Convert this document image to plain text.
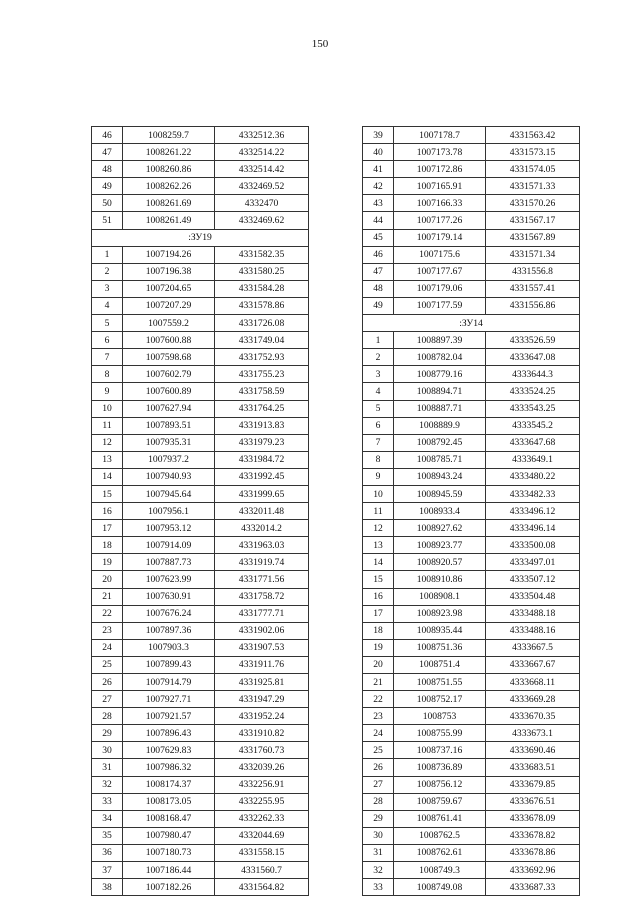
150
46	1008259.7	4332512.36
47	1008261.22	4332514.22
48	1008260.86	4332514.42
49	1008262.26	4332469.52
50	1008261.69	4332470
51	1008261.49	4332469.62
:ЗУ19		
1	1007194.26	4331582.35
2	1007196.38	4331580.25
3	1007204.65	4331584.28
4	1007207.29	4331578.86
5	1007559.2	4331726.08
6	1007600.88	4331749.04
7	1007598.68	4331752.93
8	1007602.79	4331755.23
9	1007600.89	4331758.59
10	1007627.94	4331764.25
11	1007893.51	4331913.83
12	1007935.31	4331979.23
13	1007937.2	4331984.72
14	1007940.93	4331992.45
15	1007945.64	4331999.65
16	1007956.1	4332011.48
17	1007953.12	4332014.2
18	1007914.09	4331963.03
19	1007887.73	4331919.74
20	1007623.99	4331771.56
21	1007630.91	4331758.72
22	1007676.24	4331777.71
23	1007897.36	4331902.06
24	1007903.3	4331907.53
25	1007899.43	4331911.76
26	1007914.79	4331925.81
27	1007927.71	4331947.29
28	1007921.57	4331952.24
29	1007896.43	4331910.82
30	1007629.83	4331760.73
31	1007986.32	4332039.26
32	1008174.37	4332256.91
33	1008173.05	4332255.95
34	1008168.47	4332262.33
35	1007980.47	4332044.69
36	1007180.73	4331558.15
37	1007186.44	4331560.7
38	1007182.26	4331564.82
39	1007178.7	4331563.42
40	1007173.78	4331573.15
41	1007172.86	4331574.05
42	1007165.91	4331571.33
43	1007166.33	4331570.26
44	1007177.26	4331567.17
45	1007179.14	4331567.89
46	1007175.6	4331571.34
47	1007177.67	4331556.8
48	1007179.06	4331557.41
49	1007177.59	4331556.86
:ЗУ14		
1	1008897.39	4333526.59
2	1008782.04	4333647.08
3	1008779.16	4333644.3
4	1008894.71	4333524.25
5	1008887.71	4333543.25
6	1008889.9	4333545.2
7	1008792.45	4333647.68
8	1008785.71	4333649.1
9	1008943.24	4333480.22
10	1008945.59	4333482.33
11	1008933.4	4333496.12
12	1008927.62	4333496.14
13	1008923.77	4333500.08
14	1008920.57	4333497.01
15	1008910.86	4333507.12
16	1008908.1	4333504.48
17	1008923.98	4333488.18
18	1008935.44	4333488.16
19	1008751.36	4333667.5
20	1008751.4	4333667.67
21	1008751.55	4333668.11
22	1008752.17	4333669.28
23	1008753	4333670.35
24	1008755.99	4333673.1
25	1008737.16	4333690.46
26	1008736.89	4333683.51
27	1008756.12	4333679.85
28	1008759.67	4333676.51
29	1008761.41	4333678.09
30	1008762.5	4333678.82
31	1008762.61	4333678.86
32	1008749.3	4333692.96
33	1008749.08	4333687.33
